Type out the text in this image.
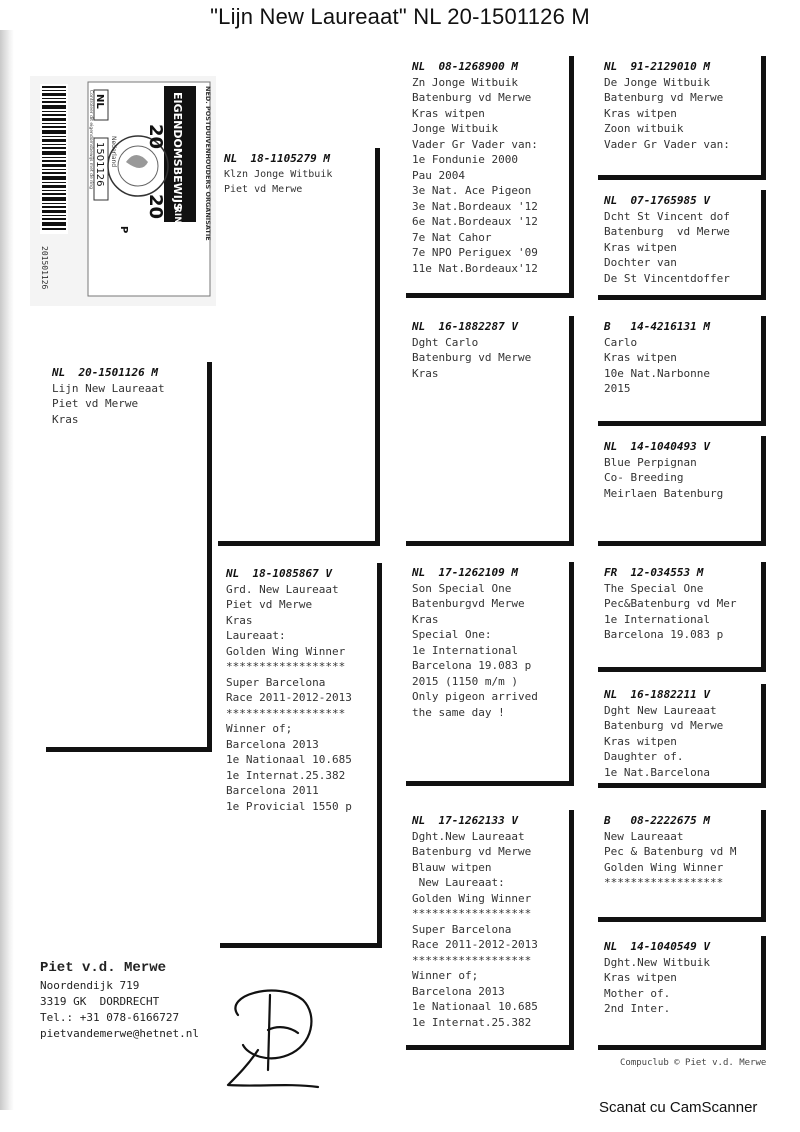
"Lijn New Laureaat" NL 20-1501126 M
201501126
NED. POSTDUIVENHOUDERS ORGANISATIE
EIGENDOMSBEWIJS
RING
20
20
NL
Nederland
1501126
P
Controleer dit eigendomsbewijs met de ring
NL  20-1501126 M
Lijn New Laureaat
Piet vd Merwe
Kras
NL  18-1105279 M
Klzn Jonge Witbuik
Piet vd Merwe
NL  18-1085867 V
Grd. New Laureaat
Piet vd Merwe
Kras
Laureaat:
Golden Wing Winner
******************
Super Barcelona
Race 2011-2012-2013
******************
Winner of;
Barcelona 2013
1e Nationaal 10.685
1e Internat.25.382
Barcelona 2011
1e Provicial 1550 p
NL  08-1268900 M
Zn Jonge Witbuik
Batenburg vd Merwe
Kras witpen
Jonge Witbuik
Vader Gr Vader van:
1e Fondunie 2000
Pau 2004
3e Nat. Ace Pigeon
3e Nat.Bordeaux '12
6e Nat.Bordeaux '12
7e Nat Cahor
7e NPO Periguex '09
11e Nat.Bordeaux'12
NL  16-1882287 V
Dght Carlo
Batenburg vd Merwe
Kras
NL  17-1262109 M
Son Special One
Batenburgvd Merwe
Kras
Special One:
1e International
Barcelona 19.083 p
2015 (1150 m/m )
Only pigeon arrived
the same day !
NL  17-1262133 V
Dght.New Laureaat
Batenburg vd Merwe
Blauw witpen
New Laureaat:
Golden Wing Winner
******************
Super Barcelona
Race 2011-2012-2013
******************
Winner of;
Barcelona 2013
1e Nationaal 10.685
1e Internat.25.382
NL  91-2129010 M
De Jonge Witbuik
Batenburg vd Merwe
Kras witpen
Zoon witbuik
Vader Gr Vader van:
NL  07-1765985 V
Dcht St Vincent dof
Batenburg  vd Merwe
Kras witpen
Dochter van
De St Vincentdoffer
B   14-4216131 M
Carlo
Kras witpen
10e Nat.Narbonne
2015
NL  14-1040493 V
Blue Perpignan
Co- Breeding
Meirlaen Batenburg
FR  12-034553 M
The Special One
Pec&Batenburg vd Mer
1e International
Barcelona 19.083 p
NL  16-1882211 V
Dght New Laureaat
Batenburg vd Merwe
Kras witpen
Daughter of.
1e Nat.Barcelona
B   08-2222675 M
New Laureaat
Pec & Batenburg vd M
Golden Wing Winner
******************
NL  14-1040549 V
Dght.New Witbuik
Kras witpen
Mother of.
2nd Inter.
Piet v.d. Merwe
Noordendijk 719
3319 GK  DORDRECHT
Tel.: +31 078-6166727
pietvandemerwe@hetnet.nl
Compuclub © Piet v.d. Merwe
Scanat cu CamScanner
